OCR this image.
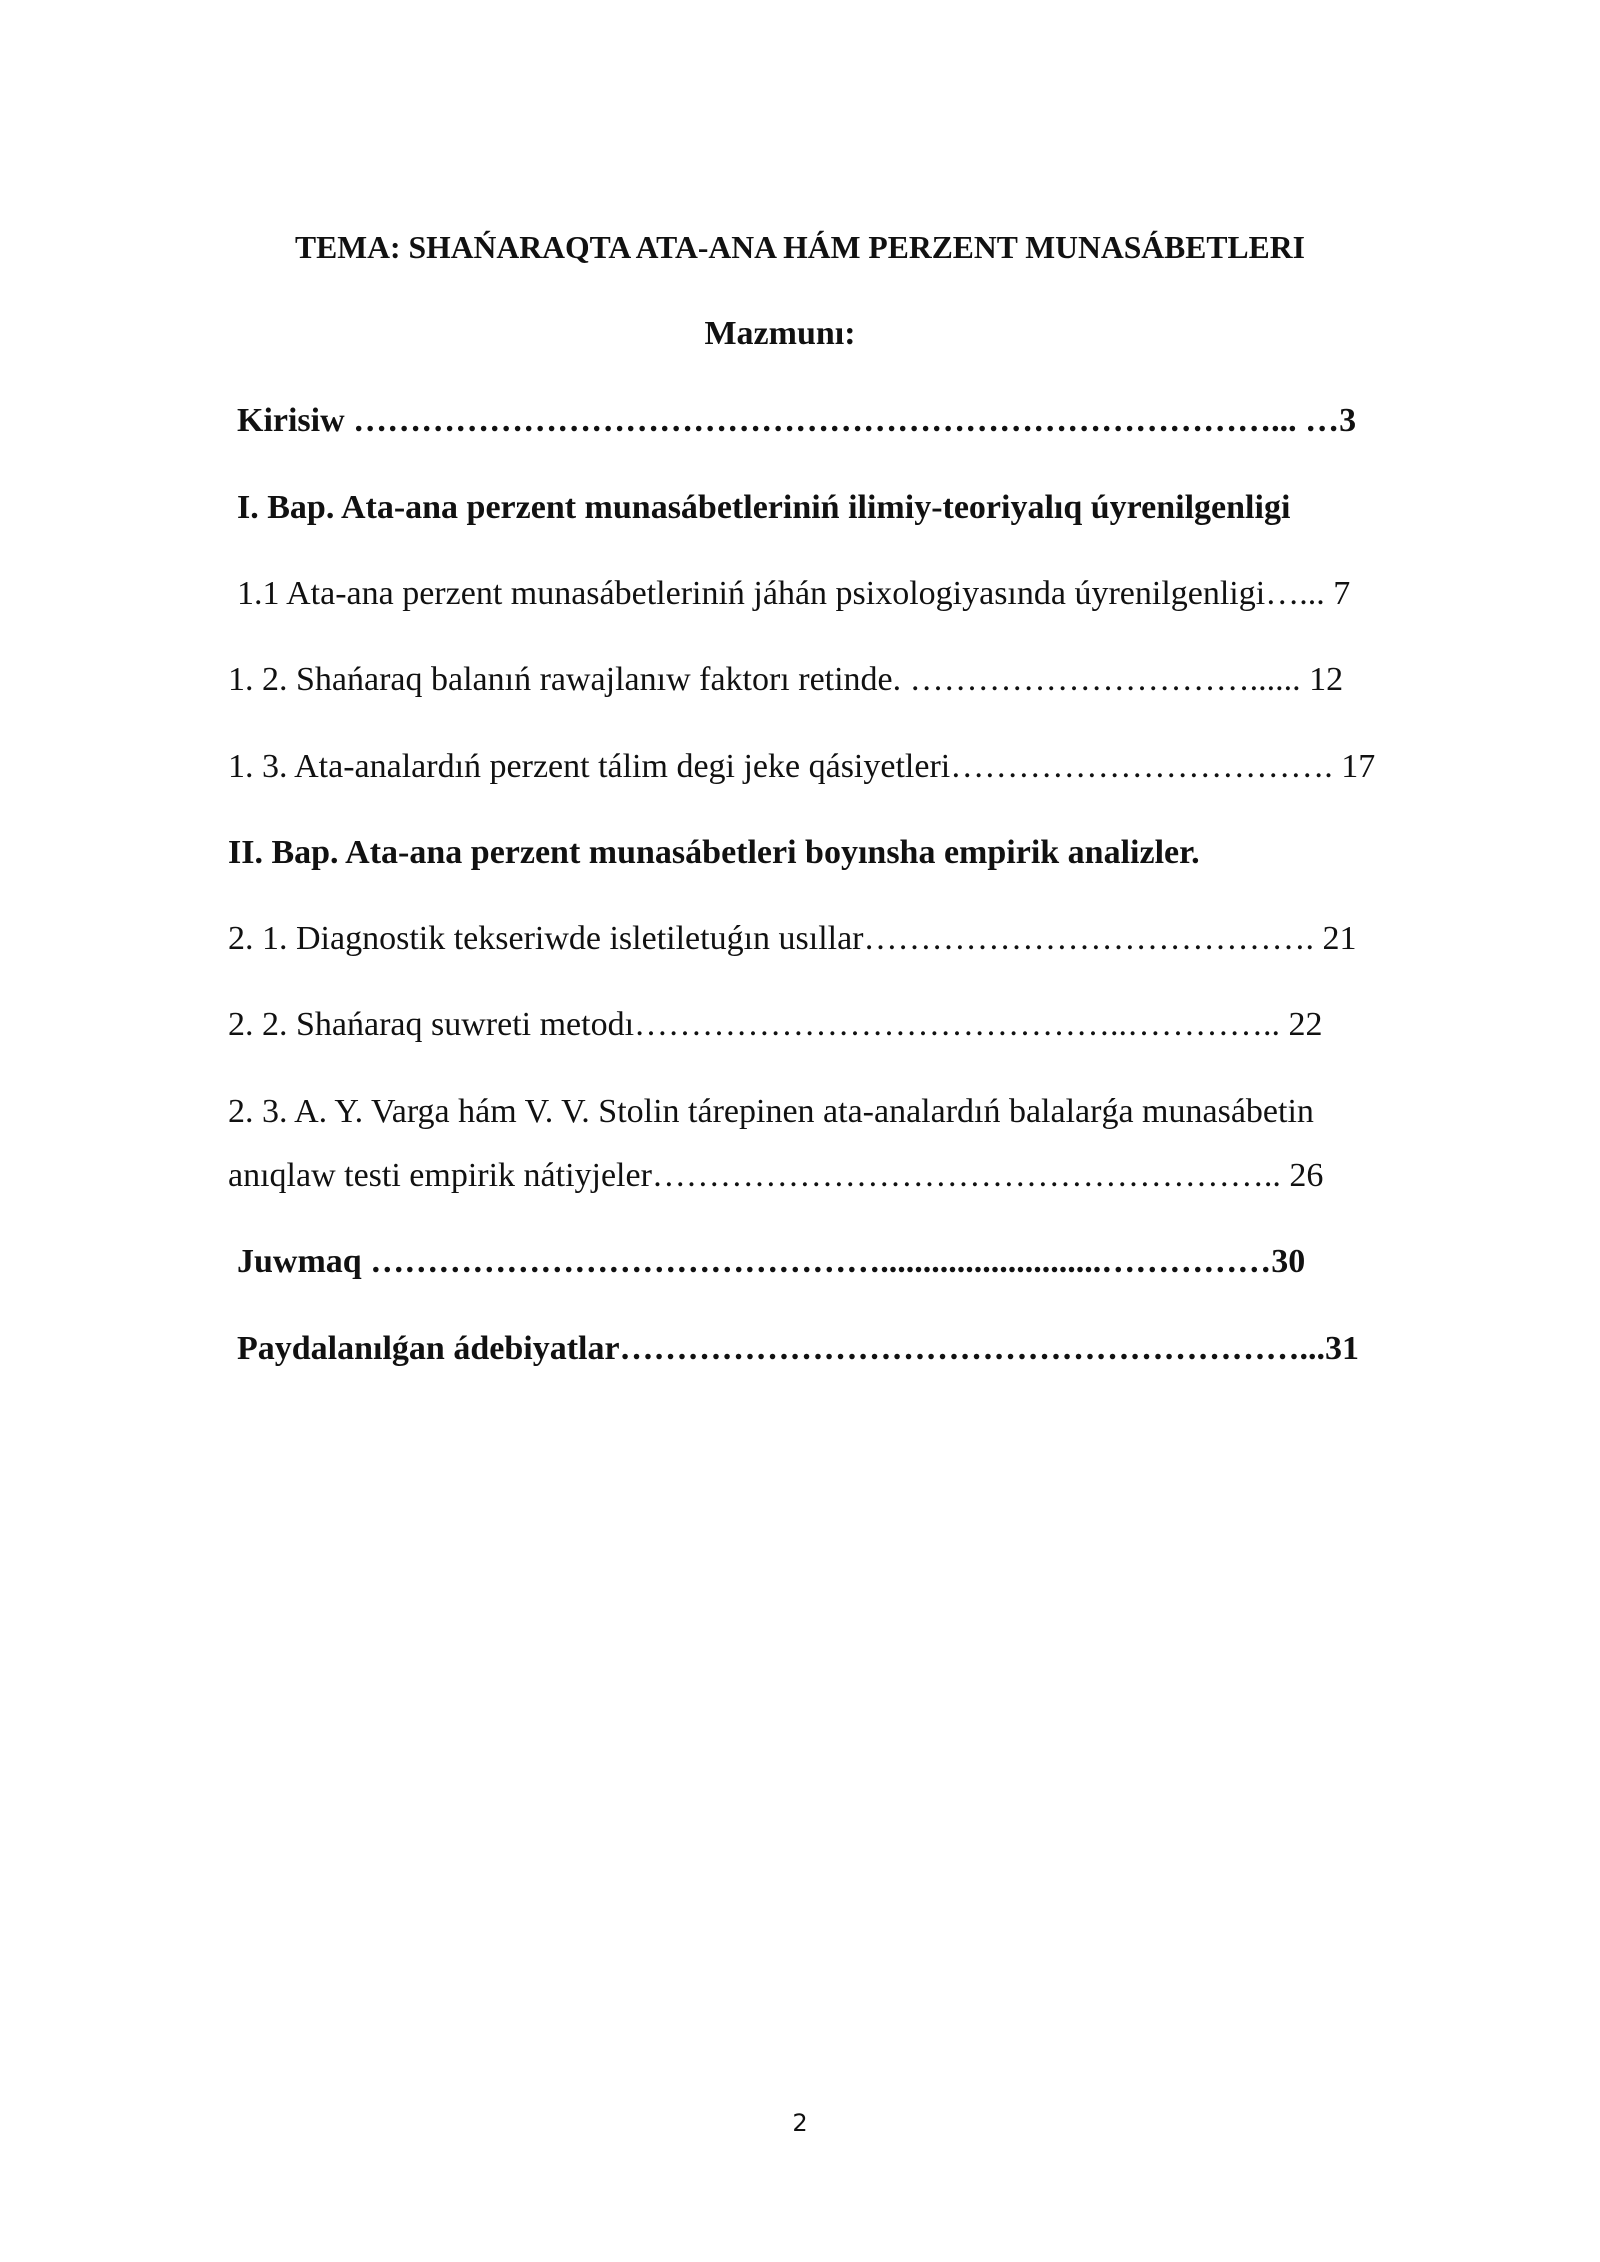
TEMA: SHAŃARAQTA ATA-ANA HÁM PERZENT MUNASÁBETLERI
Mazmunı:
Kirisiw ………………………………………………………………………... …3
I. Bap. Ata-ana perzent munasábetleriniń ilimiy-teoriyalıq úyrenilgenligi
1.1 Ata-ana perzent munasábetleriniń jáhán psixologiyasında úyrenilgenligi…... 7
1. 2. Shańaraq balanıń rawajlanıw faktorı retinde. …………………………...... 12
1. 3. Ata-analardıń perzent tálim degi jeke qásiyetleri……………………………. 17
II. Bap. Ata-ana perzent munasábetleri boyınsha empirik analizler.
2. 1. Diagnostik tekseriwde isletiletuǵın usıllar…………………………………. 21
2. 2. Shańaraq suwreti metodı……………………………………..………….. 22
2. 3. A. Y. Varga hám V. V. Stolin tárepinen ata-analardıń balalarǵa munasábetin
anıqlaw testi empirik nátiyjeler……………………………………………….. 26
Juwmaq ………………………………………..........................……………30
Paydalanılǵan ádebiyatlar……………………………………………………...31
2
